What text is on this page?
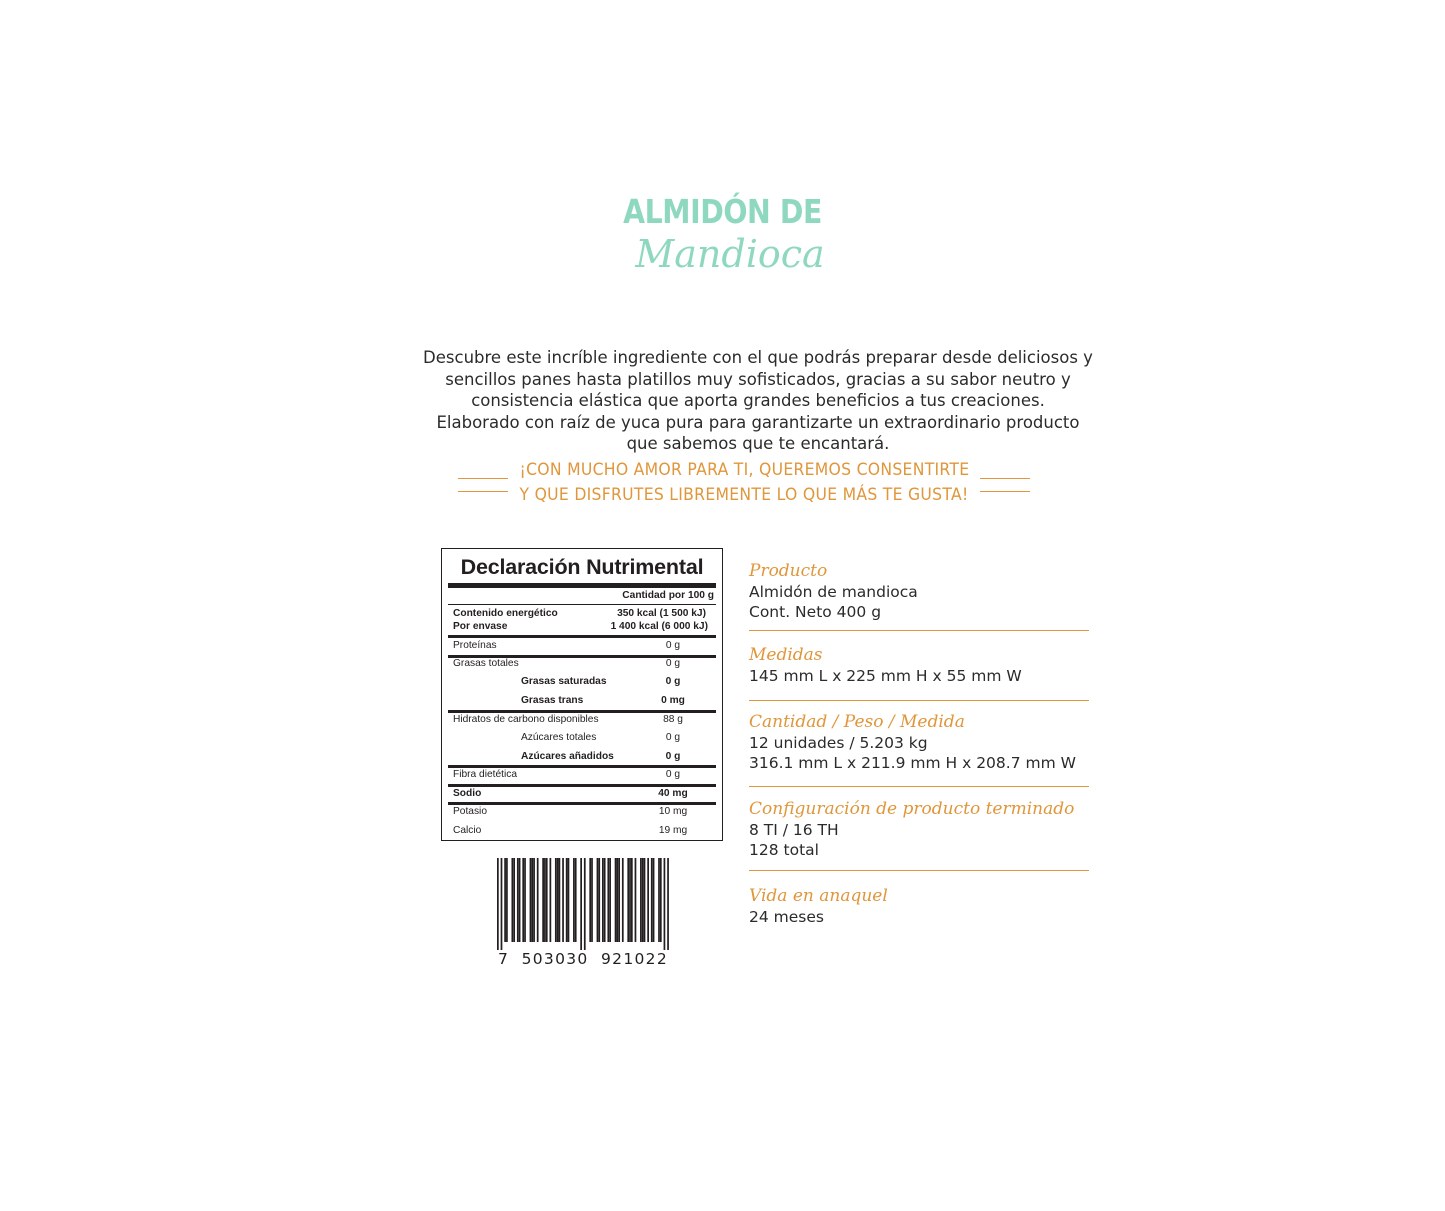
ALMIDÓN DE
Mandioca

Descubre este incríble ingrediente con el que podrás preparar desde deliciosos y sencillos panes hasta platillos muy sofisticados, gracias a su sabor neutro y consistencia elástica que aporta grandes beneficios a tus creaciones.

Elaborado con raíz de yuca pura para garantizarte un extraordinario producto que sabemos que te encantará.

¡CON MUCHO AMOR PARA TI, QUEREMOS CONSENTIRTE
Y QUE DISFRUTES LIBREMENTE LO QUE MÁS TE GUSTA!
Declaración Nutrimental
Cantidad por 100 g
Contenido energético	350 kcal (1 500 kJ)
Por envase	1 400 kcal (6 000 kJ)
Proteínas	0 g
Grasas totales	0 g
Grasas saturadas	0 g
Grasas trans	0 mg
Hidratos de carbono disponibles	88 g
Azúcares totales	0 g
Azúcares añadidos	0 g
Fibra dietética	0 g
Sodio	40 mg
Potasio	10 mg
Calcio	19 mg
7  503030  921022
Producto
Almidón de mandioca
Cont. Neto 400 g
Medidas
145 mm L x 225 mm H x 55 mm W
Cantidad / Peso / Medida
12 unidades / 5.203 kg
316.1 mm L x 211.9 mm H x 208.7 mm W
Configuración de producto terminado
8 TI / 16 TH
128 total
Vida en anaquel
24 meses
